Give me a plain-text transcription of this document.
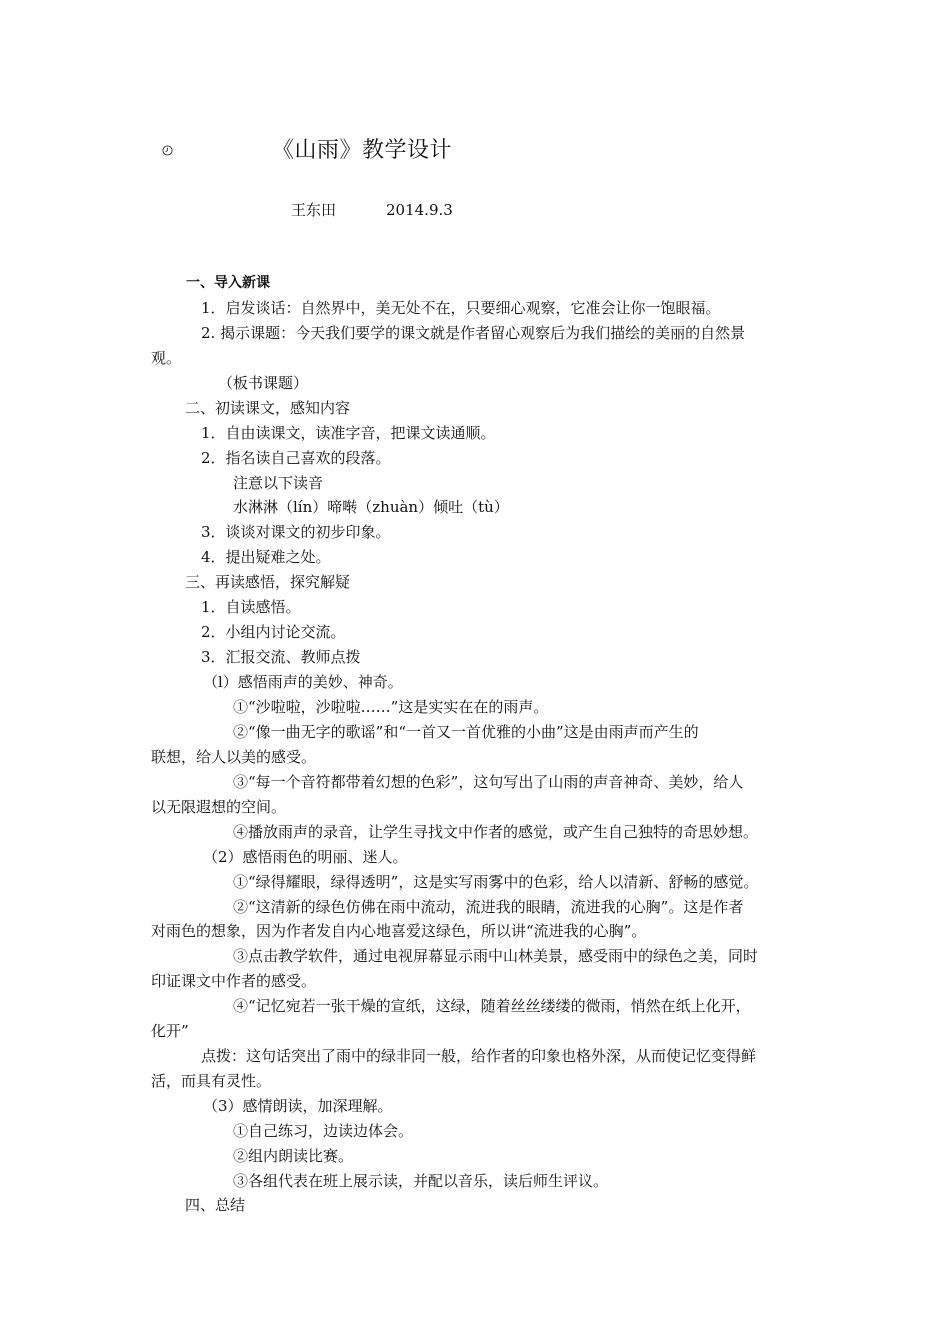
《山雨》教学设计
王东田	2014.9.3
一、导入新课
1．启发谈话：自然界中，美无处不在，只要细心观察，它准会让你一饱眼福。
2. 揭示课题：今天我们要学的课文就是作者留心观察后为我们描绘的美丽的自然景
观。
（板书课题）
二、初读课文，感知内容
1．自由读课文，读准字音，把课文读通顺。
2．指名读自己喜欢的段落。
注意以下读音
水淋淋（lín）啼啭（zhuàn）倾吐（tù）
3．谈谈对课文的初步印象。
4．提出疑难之处。
三、再读感悟，探究解疑
1．自读感悟。
2．小组内讨论交流。
3．汇报交流、教师点拨
（l）感悟雨声的美妙、神奇。
①“沙啦啦，沙啦啦……”这是实实在在的雨声。
②“像一曲无字的歌谣”和“一首又一首优雅的小曲”这是由雨声而产生的
联想，给人以美的感受。
③“每一个音符都带着幻想的色彩”，这句写出了山雨的声音神奇、美妙，给人
以无限遐想的空间。
④播放雨声的录音，让学生寻找文中作者的感觉，或产生自己独特的奇思妙想。
（2）感悟雨色的明丽、迷人。
①“绿得耀眼，绿得透明”，这是实写雨雾中的色彩，给人以清新、舒畅的感觉。
②“这清新的绿色仿佛在雨中流动，流进我的眼睛，流进我的心胸”。这是作者
对雨色的想象，因为作者发自内心地喜爱这绿色，所以讲“流进我的心胸”。
③点击教学软件，通过电视屏幕显示雨中山林美景，感受雨中的绿色之美，同时
印证课文中作者的感受。
④“记忆宛若一张干燥的宣纸，这绿，随着丝丝缕缕的微雨，悄然在纸上化开，
化开”
点拨：这句话突出了雨中的绿非同一般，给作者的印象也格外深，从而使记忆变得鲜
活，而具有灵性。
（3）感情朗读，加深理解。
①自己练习，边读边体会。
②组内朗读比赛。
③各组代表在班上展示读，并配以音乐，读后师生评议。
四、总结
